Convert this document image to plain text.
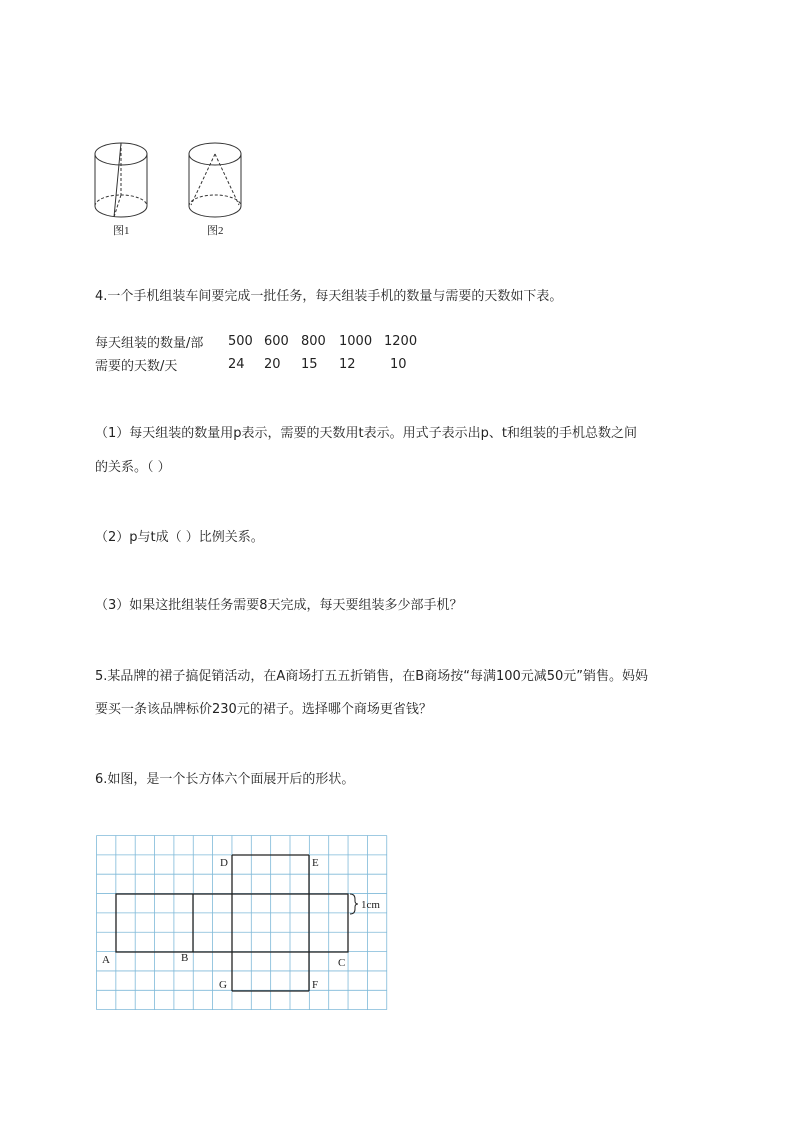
图1	图2
4.一个手机组装车间要完成一批任务，每天组装手机的数量与需要的天数如下表。
每天组装的数量/部	500	600	800	1000	1200
需要的天数/天	24	20	15	12	10
（1）每天组装的数量用p表示，需要的天数用t表示。用式子表示出p、t和组装的手机总数之间
的关系。（ ）
（2）p与t成（ ）比例关系。
（3）如果这批组装任务需要8天完成，每天要组装多少部手机？
5.某品牌的裙子搞促销活动，在A商场打五五折销售，在B商场按“每满100元减50元”销售。妈妈
要买一条该品牌标价230元的裙子。选择哪个商场更省钱？
6.如图，是一个长方体六个面展开后的形状。
A	B	C
D	E
F
G
1cm
